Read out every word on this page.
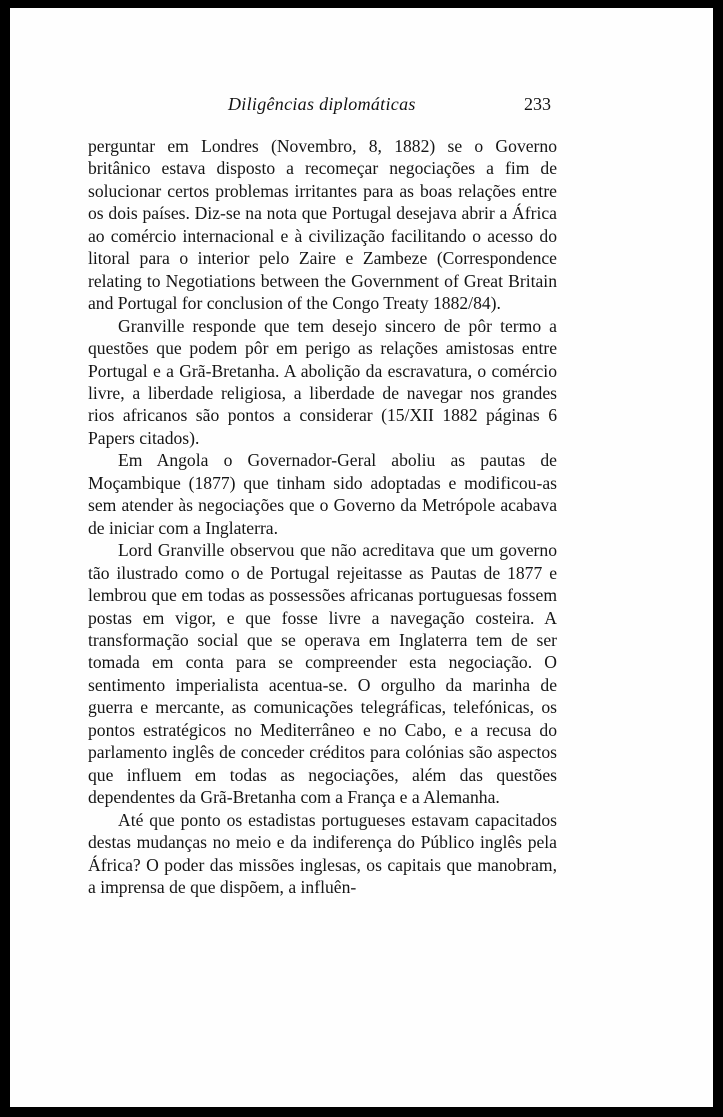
Diligências diplomáticas	233

perguntar em Londres (Novembro, 8, 1882) se o Governo britânico estava disposto a recomeçar negociações a fim de solucionar certos problemas irritantes para as boas relações entre os dois países. Diz-se na nota que Portugal desejava abrir a África ao comércio internacional e à civilização facilitando o acesso do litoral para o interior pelo Zaire e Zambeze (Correspondence relating to Negotiations between the Government of Great Britain and Portugal for conclusion of the Congo Treaty 1882/84).

Granville responde que tem desejo sincero de pôr termo a questões que podem pôr em perigo as relações amistosas entre Portugal e a Grã-Bretanha. A abolição da escravatura, o comércio livre, a liberdade religiosa, a liberdade de navegar nos grandes rios africanos são pontos a considerar (15/XII 1882 páginas 6 Papers citados).

Em Angola o Governador-Geral aboliu as pautas de Moçambique (1877) que tinham sido adoptadas e modificou-as sem atender às negociações que o Governo da Metrópole acabava de iniciar com a Inglaterra.

Lord Granville observou que não acreditava que um governo tão ilustrado como o de Portugal rejeitasse as Pautas de 1877 e lembrou que em todas as possessões africanas portuguesas fossem postas em vigor, e que fosse livre a navegação costeira. A transformação social que se operava em Inglaterra tem de ser tomada em conta para se compreender esta negociação. O sentimento imperialista acentua-se. O orgulho da marinha de guerra e mercante, as comunicações telegráficas, telefónicas, os pontos estratégicos no Mediterrâneo e no Cabo, e a recusa do parlamento inglês de conceder créditos para colónias são aspectos que influem em todas as negociações, além das questões dependentes da Grã-Bretanha com a França e a Alemanha.

Até que ponto os estadistas portugueses estavam capacitados destas mudanças no meio e da indiferença do Público inglês pela África? O poder das missões inglesas, os capitais que manobram, a imprensa de que dispõem, a influên-
